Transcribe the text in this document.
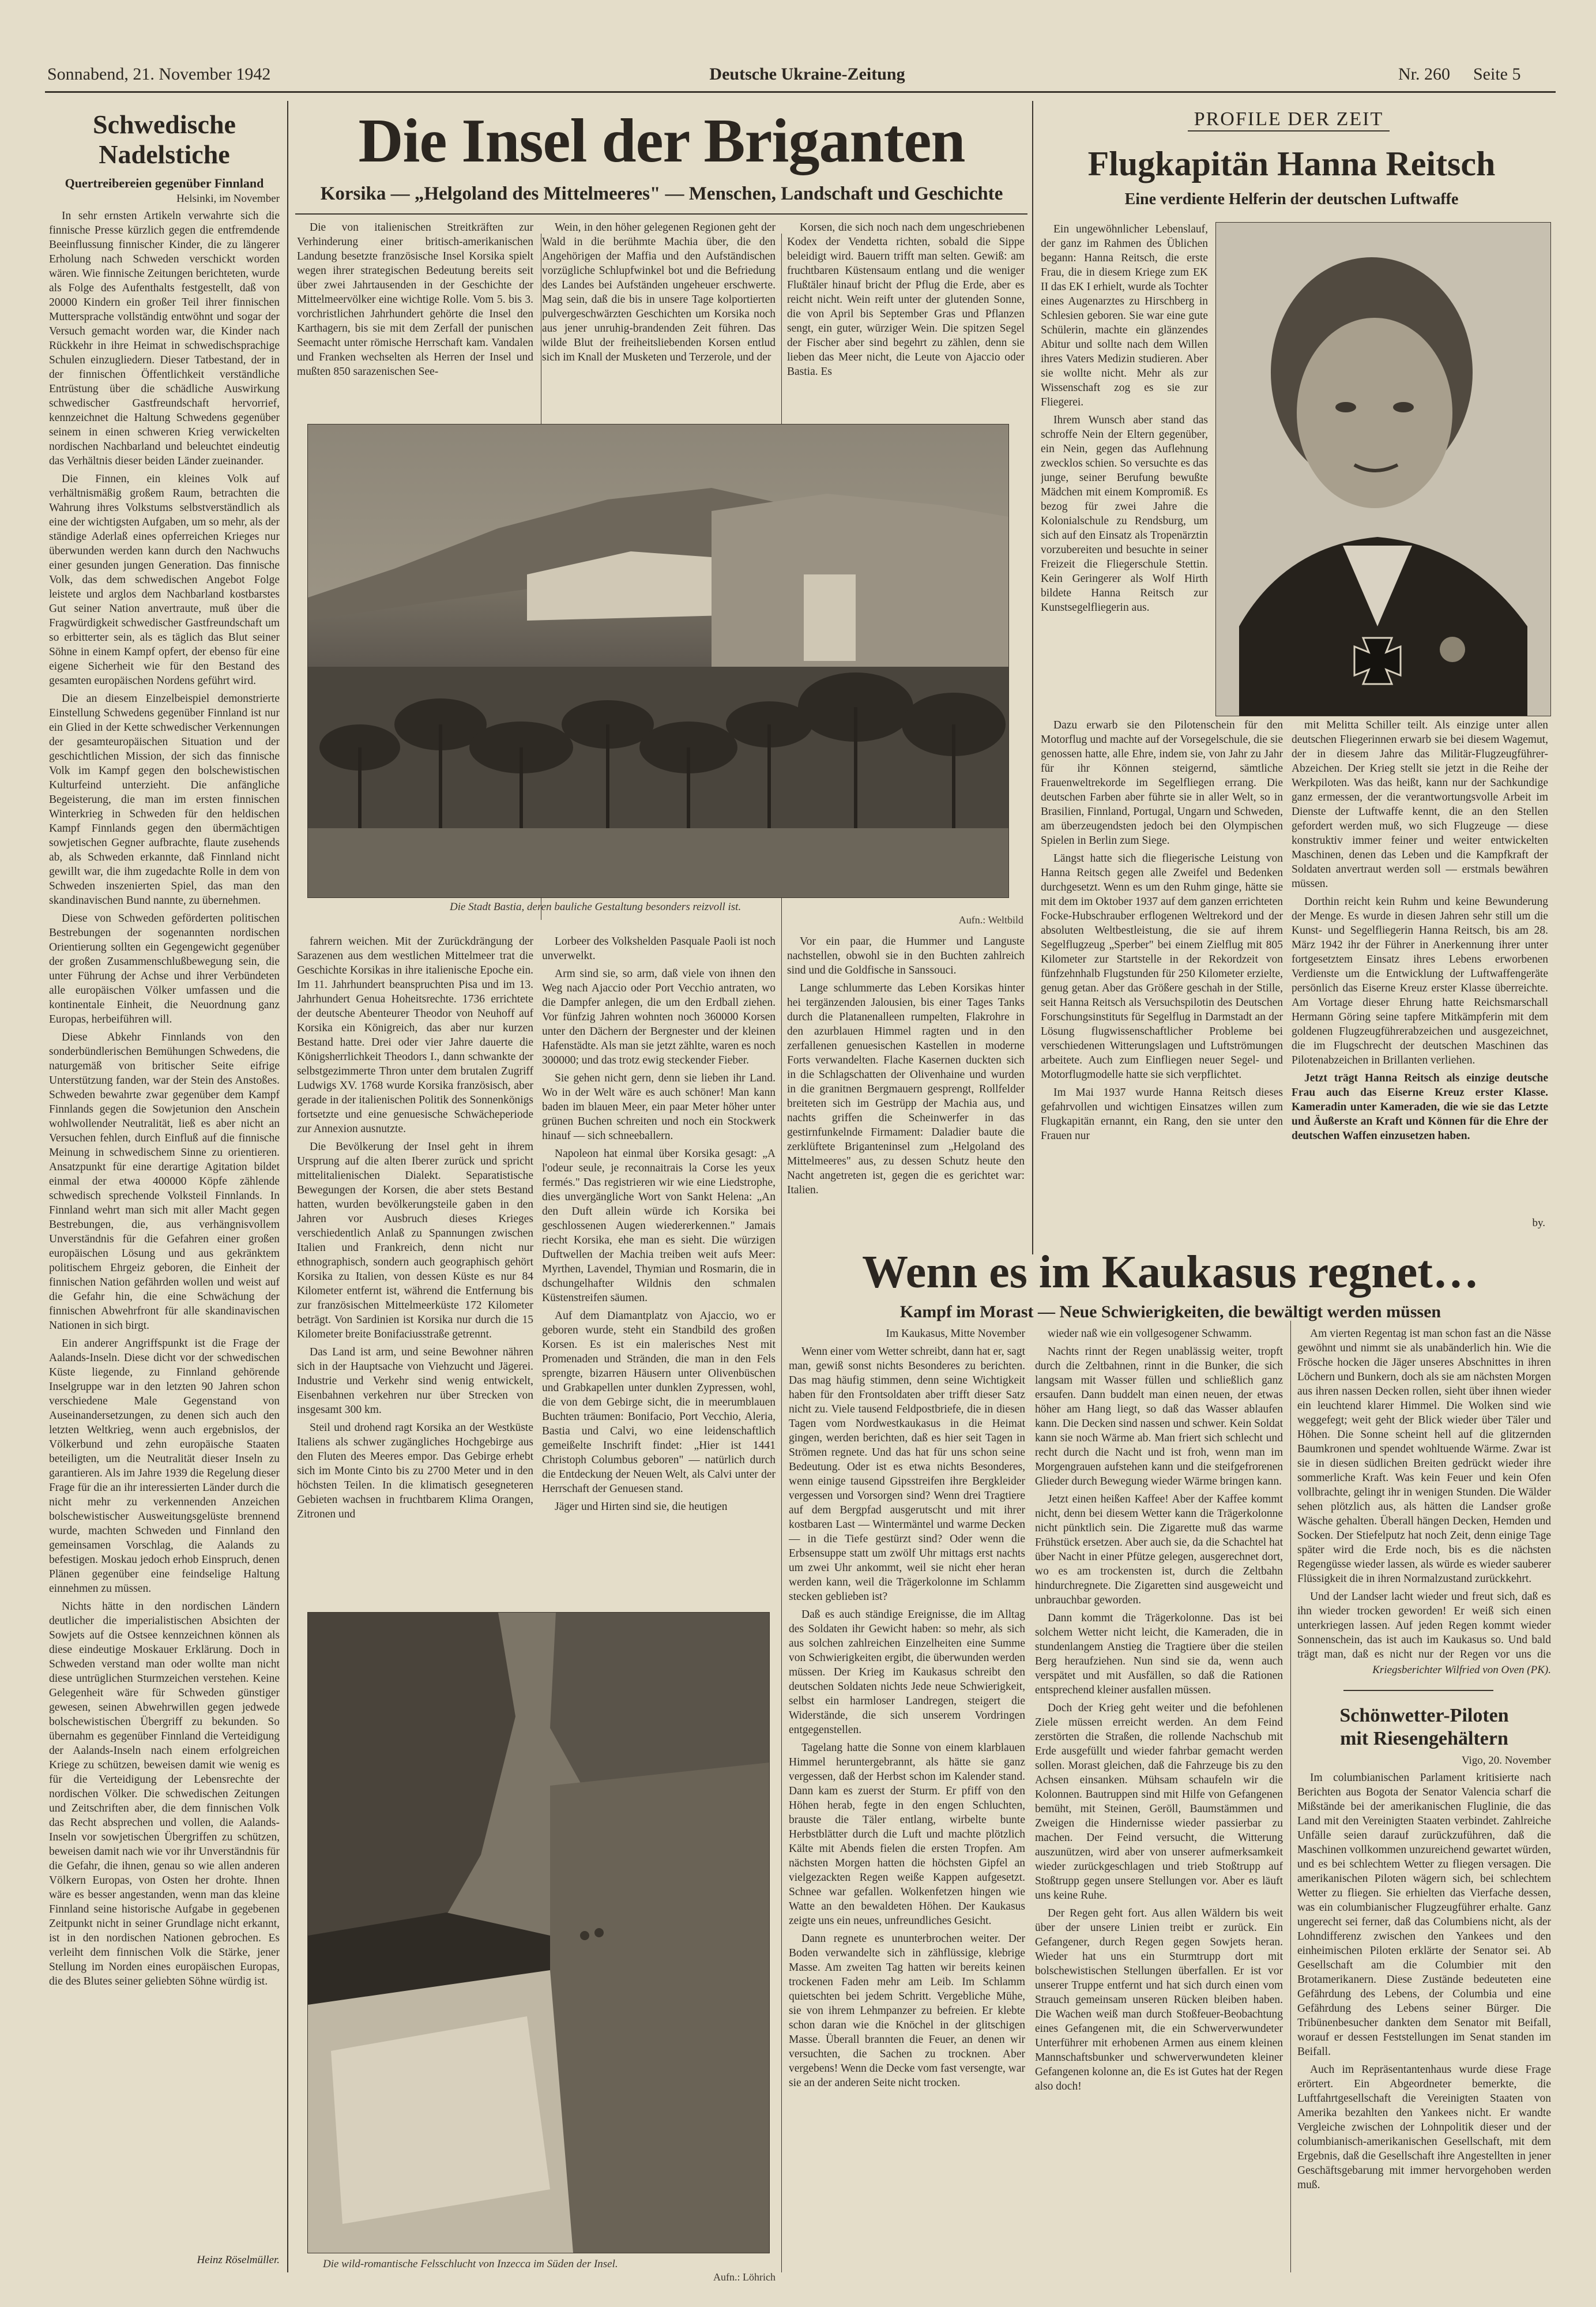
Sonnabend, 21. November 1942	Deutsche Ukraine-Zeitung	Nr. 260 Seite 5
Schwedische
Nadelstiche
Quertreibereien gegenüber Finnland
Helsinki, im November

In sehr ernsten Artikeln verwahrte sich die finnische Presse kürzlich gegen die entfremdende Beeinflussung finnischer Kinder, die zu längerer Erholung nach Schweden verschickt worden wären. Wie finnische Zeitungen berichteten, wurde als Folge des Aufenthalts festgestellt, daß von 20000 Kindern ein großer Teil ihrer finnischen Muttersprache vollständig entwöhnt und sogar der Versuch gemacht worden war, die Kinder nach Rückkehr in ihre Heimat in schwedischsprachige Schulen einzugliedern. Dieser Tatbestand, der in der finnischen Öffentlichkeit verständliche Entrüstung über die schädliche Auswirkung schwedischer Gastfreundschaft hervorrief, kennzeichnet die Haltung Schwedens gegenüber seinem in einen schweren Krieg verwickelten nordischen Nachbarland und beleuchtet eindeutig das Verhältnis dieser beiden Länder zueinander.

Die Finnen, ein kleines Volk auf verhältnismäßig großem Raum, betrachten die Wahrung ihres Volkstums selbstverständlich als eine der wichtigsten Aufgaben, um so mehr, als der ständige Aderlaß eines opferreichen Krieges nur überwunden werden kann durch den Nachwuchs einer gesunden jungen Generation. Das finnische Volk, das dem schwedischen Angebot Folge leistete und arglos dem Nachbarland kostbarstes Gut seiner Nation anvertraute, muß über die Fragwürdigkeit schwedischer Gastfreundschaft um so erbitterter sein, als es täglich das Blut seiner Söhne in einem Kampf opfert, der ebenso für eine eigene Sicherheit wie für den Bestand des gesamten europäischen Nordens geführt wird.

Die an diesem Einzelbeispiel demonstrierte Einstellung Schwedens gegenüber Finnland ist nur ein Glied in der Kette schwedischer Verkennungen der gesamteuropäischen Situation und der geschichtlichen Mission, der sich das finnische Volk im Kampf gegen den bolschewistischen Kulturfeind unterzieht. Die anfängliche Begeisterung, die man im ersten finnischen Winterkrieg in Schweden für den heldischen Kampf Finnlands gegen den übermächtigen sowjetischen Gegner aufbrachte, flaute zusehends ab, als Schweden erkannte, daß Finnland nicht gewillt war, die ihm zugedachte Rolle in dem von Schweden inszenierten Spiel, das man den skandinavischen Bund nannte, zu übernehmen.

Diese von Schweden geförderten politischen Bestrebungen der sogenannten nordischen Orientierung sollten ein Gegengewicht gegenüber der großen Zusammenschlußbewegung sein, die unter Führung der Achse und ihrer Verbündeten alle europäischen Völker umfassen und die kontinentale Einheit, die Neuordnung ganz Europas, herbeiführen will.

Diese Abkehr Finnlands von den sonderbündlerischen Bemühungen Schwedens, die naturgemäß von britischer Seite eifrige Unterstützung fanden, war der Stein des Anstoßes. Schweden bewahrte zwar gegenüber dem Kampf Finnlands gegen die Sowjetunion den Anschein wohlwollender Neutralität, ließ es aber nicht an Versuchen fehlen, durch Einfluß auf die finnische Meinung in schwedischem Sinne zu orientieren. Ansatzpunkt für eine derartige Agitation bildet einmal der etwa 400000 Köpfe zählende schwedisch sprechende Volksteil Finnlands. In Finnland wehrt man sich mit aller Macht gegen Bestrebungen, die, aus verhängnisvollem Unverständnis für die Gefahren einer großen europäischen Lösung und aus gekränktem politischem Ehrgeiz geboren, die Einheit der finnischen Nation gefährden wollen und weist auf die Gefahr hin, die eine Schwächung der finnischen Abwehrfront für alle skandinavischen Nationen in sich birgt.

Ein anderer Angriffspunkt ist die Frage der Aalands-Inseln. Diese dicht vor der schwedischen Küste liegende, zu Finnland gehörende Inselgruppe war in den letzten 90 Jahren schon verschiedene Male Gegenstand von Auseinandersetzungen, zu denen sich auch den letzten Weltkrieg, wenn auch ergebnislos, der Völkerbund und zehn europäische Staaten beteiligten, um die Neutralität dieser Inseln zu garantieren. Als im Jahre 1939 die Regelung dieser Frage für die an ihr interessierten Länder durch die nicht mehr zu verkennenden Anzeichen bolschewistischer Ausweitungsgelüste brennend wurde, machten Schweden und Finnland den gemeinsamen Vorschlag, die Aalands zu befestigen. Moskau jedoch erhob Einspruch, denen Plänen gegenüber eine feindselige Haltung einnehmen zu müssen.

Nichts hätte in den nordischen Ländern deutlicher die imperialistischen Absichten der Sowjets auf die Ostsee kennzeichnen können als diese eindeutige Moskauer Erklärung. Doch in Schweden verstand man oder wollte man nicht diese untrüglichen Sturmzeichen verstehen. Keine Gelegenheit wäre für Schweden günstiger gewesen, seinen Abwehrwillen gegen jedwede bolschewistischen Übergriff zu bekunden. So übernahm es gegenüber Finnland die Verteidigung der Aalands-Inseln nach einem erfolgreichen Kriege zu schützen, beweisen damit wie wenig es für die Verteidigung der Lebensrechte der nordischen Völker. Die schwedischen Zeitungen und Zeitschriften aber, die dem finnischen Volk das Recht absprechen und vollen, die Aalands-Inseln vor sowjetischen Übergriffen zu schützen, beweisen damit nach wie vor ihr Unverständnis für die Gefahr, die ihnen, genau so wie allen anderen Völkern Europas, von Osten her drohte. Ihnen wäre es besser angestanden, wenn man das kleine Finnland seine historische Aufgabe in gegebenen Zeitpunkt nicht in seiner Grundlage nicht erkannt, ist in den nordischen Nationen gebrochen. Es verleiht dem finnischen Volk die Stärke, jener Stellung im Norden eines europäischen Europas, die des Blutes seiner geliebten Söhne würdig ist.

Heinz Röselmüller.
Die Insel der Briganten
Korsika — „Helgoland des Mittelmeeres" — Menschen, Landschaft und Geschichte

Die von italienischen Streitkräften zur Verhinderung einer britisch-amerikanischen Landung besetzte französische Insel Korsika spielt wegen ihrer strategischen Bedeutung bereits seit über zwei Jahrtausenden in der Geschichte der Mittelmeervölker eine wichtige Rolle. Vom 5. bis 3. vorchristlichen Jahrhundert gehörte die Insel den Karthagern, bis sie mit dem Zerfall der punischen Seemacht unter römische Herrschaft kam. Vandalen und Franken wechselten als Herren der Insel und mußten 850 sarazenischen See-

Wein, in den höher gelegenen Regionen geht der Wald in die berühmte Machia über, die den Angehörigen der Maffia und den Aufständischen vorzügliche Schlupfwinkel bot und die Befriedung des Landes bei Aufständen ungeheuer erschwerte. Mag sein, daß die bis in unsere Tage kolportierten pulvergeschwärzten Geschichten um Korsika noch aus jener unruhig-brandenden Zeit führen. Das wilde Blut der freiheitsliebenden Korsen entlud sich im Knall der Musketen und Terzerole, und der

Korsen, die sich noch nach dem ungeschriebenen Kodex der Vendetta richten, sobald die Sippe beleidigt wird. Bauern trifft man selten. Gewiß: am fruchtbaren Küstensaum entlang und die weniger Flußtäler hinauf bricht der Pflug die Erde, aber es reicht nicht. Wein reift unter der glutenden Sonne, die von April bis September Gras und Pflanzen sengt, ein guter, würziger Wein. Die spitzen Segel der Fischer aber sind begehrt zu zählen, denn sie lieben das Meer nicht, die Leute von Ajaccio oder Bastia. Es

Die Stadt Bastia, deren bauliche Gestaltung besonders reizvoll ist.
Aufn.: Weltbild

fahrern weichen. Mit der Zurückdrängung der Sarazenen aus dem westlichen Mittelmeer trat die Geschichte Korsikas in ihre italienische Epoche ein. Im 11. Jahrhundert beanspruchten Pisa und im 13. Jahrhundert Genua Hoheitsrechte. 1736 errichtete der deutsche Abenteurer Theodor von Neuhoff auf Korsika ein Königreich, das aber nur kurzen Bestand hatte. Drei oder vier Jahre dauerte die Königsherrlichkeit Theodors I., dann schwankte der selbstgezimmerte Thron unter dem brutalen Zugriff Ludwigs XV. 1768 wurde Korsika französisch, aber gerade in der italienischen Politik des Sonnenkönigs fortsetzte und eine genuesische Schwächeperiode zur Annexion ausnutzte.

Die Bevölkerung der Insel geht in ihrem Ursprung auf die alten Iberer zurück und spricht mittelitalienischen Dialekt. Separatistische Bewegungen der Korsen, die aber stets Bestand hatten, wurden bevölkerungsteile gaben in den Jahren vor Ausbruch dieses Krieges verschiedentlich Anlaß zu Spannungen zwischen Italien und Frankreich, denn nicht nur ethnographisch, sondern auch geographisch gehört Korsika zu Italien, von dessen Küste es nur 84 Kilometer entfernt ist, während die Entfernung bis zur französischen Mittelmeerküste 172 Kilometer beträgt. Von Sardinien ist Korsika nur durch die 15 Kilometer breite Bonifaciusstraße getrennt.

Das Land ist arm, und seine Bewohner nähren sich in der Hauptsache von Viehzucht und Jägerei. Industrie und Verkehr sind wenig entwickelt, Eisenbahnen verkehren nur über Strecken von insgesamt 300 km.

Steil und drohend ragt Korsika an der Westküste Italiens als schwer zugängliches Hochgebirge aus den Fluten des Meeres empor. Das Gebirge erhebt sich im Monte Cinto bis zu 2700 Meter und in den höchsten Teilen. In die klimatisch gesegneteren Gebieten wachsen in fruchtbarem Klima Orangen, Zitronen und

Lorbeer des Volkshelden Pasquale Paoli ist noch unverwelkt.

Arm sind sie, so arm, daß viele von ihnen den Weg nach Ajaccio oder Port Vecchio antraten, wo die Dampfer anlegen, die um den Erdball ziehen. Vor fünfzig Jahren wohnten noch 360000 Korsen unter den Dächern der Bergnester und der kleinen Hafenstädte. Als man sie jetzt zählte, waren es noch 300000; und das trotz ewig steckender Fieber.

Sie gehen nicht gern, denn sie lieben ihr Land. Wo in der Welt wäre es auch schöner! Man kann baden im blauen Meer, ein paar Meter höher unter grünen Buchen schreiten und noch ein Stockwerk hinauf — sich schneeballern.

Napoleon hat einmal über Korsika gesagt: „A l'odeur seule, je reconnaitrais la Corse les yeux fermés." Das registrieren wir wie eine Liedstrophe, dies unvergängliche Wort von Sankt Helena: „An den Duft allein würde ich Korsika bei geschlossenen Augen wiedererkennen." Jamais riecht Korsika, ehe man es sieht. Die würzigen Duftwellen der Machia treiben weit aufs Meer: Myrthen, Lavendel, Thymian und Rosmarin, die in dschungelhafter Wildnis den schmalen Küstenstreifen säumen.

Auf dem Diamantplatz von Ajaccio, wo er geboren wurde, steht ein Standbild des großen Korsen. Es ist ein malerisches Nest mit Promenaden und Stränden, die man in den Fels sprengte, bizarren Häusern unter Olivenbüschen und Grabkapellen unter dunklen Zypressen, wohl, die von dem Gebirge sicht, die in meerumblauen Buchten träumen: Bonifacio, Port Vecchio, Aleria, Bastia und Calvi, wo eine leidenschaftlich gemeißelte Inschrift findet: „Hier ist 1441 Christoph Columbus geboren" — natürlich durch die Entdeckung der Neuen Welt, als Calvi unter der Herrschaft der Genuesen stand.

Jäger und Hirten sind sie, die heutigen

Vor ein paar, die Hummer und Languste nachstellen, obwohl sie in den Buchten zahlreich sind und die Goldfische in Sanssouci.

Lange schlummerte das Leben Korsikas hinter hei tergänzenden Jalousien, bis einer Tages Tanks durch die Platanenalleen rumpelten, Flakrohre in den azurblauen Himmel ragten und in den zerfallenen genuesischen Kastellen in moderne Forts verwandelten. Flache Kasernen duckten sich in die Schlagschatten der Olivenhaine und wurden in die granitnen Bergmauern gesprengt, Rollfelder breiteten sich im Gestrüpp der Machia aus, und nachts griffen die Scheinwerfer in das gestirnfunkelnde Firmament: Daladier baute die zerklüftete Briganteninsel zum „Helgoland des Mittelmeeres" aus, zu dessen Schutz heute den Nacht angetreten ist, gegen die es gerichtet war: Italien.

Die wild-romantische Felsschlucht von Inzecca im Süden der Insel.
Aufn.: Löhrich
PROFILE DER ZEIT
Flugkapitän Hanna Reitsch
Eine verdiente Helferin der deutschen Luftwaffe

Ein ungewöhnlicher Lebenslauf, der ganz im Rahmen des Üblichen begann: Hanna Reitsch, die erste Frau, die in diesem Kriege zum EK II das EK I erhielt, wurde als Tochter eines Augenarztes zu Hirschberg in Schlesien geboren. Sie war eine gute Schülerin, machte ein glänzendes Abitur und sollte nach dem Willen ihres Vaters Medizin studieren. Aber sie wollte nicht. Mehr als zur Wissenschaft zog es sie zur Fliegerei.

Ihrem Wunsch aber stand das schroffe Nein der Eltern gegenüber, ein Nein, gegen das Auflehnung zwecklos schien. So versuchte es das junge, seiner Berufung bewußte Mädchen mit einem Kompromiß. Es bezog für zwei Jahre die Kolonialschule zu Rendsburg, um sich auf den Einsatz als Tropenärztin vorzubereiten und besuchte in seiner Freizeit die Fliegerschule Stettin. Kein Geringerer als Wolf Hirth bildete Hanna Reitsch zur Kunstsegelfliegerin aus.

Dazu erwarb sie den Pilotenschein für den Motorflug und machte auf der Vorsegelschule, die sie genossen hatte, alle Ehre, indem sie, von Jahr zu Jahr für ihr Können steigernd, sämtliche Frauenweltrekorde im Segelfliegen errang. Die deutschen Farben aber führte sie in aller Welt, so in Brasilien, Finnland, Portugal, Ungarn und Schweden, am überzeugendsten jedoch bei den Olympischen Spielen in Berlin zum Siege.

Längst hatte sich die fliegerische Leistung von Hanna Reitsch gegen alle Zweifel und Bedenken durchgesetzt. Wenn es um den Ruhm ginge, hätte sie mit dem im Oktober 1937 auf dem ganzen errichteten Focke-Hubschrauber erflogenen Weltrekord und der absoluten Weltbestleistung, die sie auf ihrem Segelflugzeug „Sperber" bei einem Zielflug mit 805 Kilometer zur Startstelle in der Rekordzeit von fünfzehnhalb Flugstunden für 250 Kilometer erzielte, genug getan. Aber das Größere geschah in der Stille, seit Hanna Reitsch als Versuchspilotin des Deutschen Forschungsinstituts für Segelflug in Darmstadt an der Lösung flugwissenschaftlicher Probleme bei verschiedenen Witterungslagen und Luftströmungen arbeitete. Auch zum Einfliegen neuer Segel- und Motorflugmodelle hatte sie sich verpflichtet.

Im Mai 1937 wurde Hanna Reitsch dieses gefahrvollen und wichtigen Einsatzes willen zum Flugkapitän ernannt, ein Rang, den sie unter den Frauen nur

mit Melitta Schiller teilt. Als einzige unter allen deutschen Fliegerinnen erwarb sie bei diesem Wagemut, der in diesem Jahre das Militär-Flugzeugführer-Abzeichen. Der Krieg stellt sie jetzt in die Reihe der Werkpiloten. Was das heißt, kann nur der Sachkundige ganz ermessen, der die verantwortungsvolle Arbeit im Dienste der Luftwaffe kennt, die an den Stellen gefordert werden muß, wo sich Flugzeuge — diese konstruktiv immer feiner und weiter entwickelten Maschinen, denen das Leben und die Kampfkraft der Soldaten anvertraut werden soll — erstmals bewähren müssen.

Dorthin reicht kein Ruhm und keine Bewunderung der Menge. Es wurde in diesen Jahren sehr still um die Kunst- und Segelfliegerin Hanna Reitsch, bis am 28. März 1942 ihr der Führer in Anerkennung ihrer unter fortgesetztem Einsatz ihres Lebens erworbenen Verdienste um die Entwicklung der Luftwaffengeräte persönlich das Eiserne Kreuz erster Klasse überreichte. Am Vortage dieser Ehrung hatte Reichsmarschall Hermann Göring seine tapfere Mitkämpferin mit dem goldenen Flugzeugführerabzeichen und ausgezeichnet, die im Flugschrecht der deutschen Maschinen das Pilotenabzeichen in Brillanten verliehen.

Jetzt trägt Hanna Reitsch als einzige deutsche Frau auch das Eiserne Kreuz erster Klasse. Kameradin unter Kameraden, die wie sie das Letzte und Äußerste an Kraft und Können für die Ehre der deutschen Waffen einzusetzen haben.

by.
Wenn es im Kaukasus regnet…
Kampf im Morast — Neue Schwierigkeiten, die bewältigt werden müssen

Im Kaukasus, Mitte November

Wenn einer vom Wetter schreibt, dann hat er, sagt man, gewiß sonst nichts Besonderes zu berichten. Das mag häufig stimmen, denn seine Wichtigkeit haben für den Frontsoldaten aber trifft dieser Satz nicht zu. Viele tausend Feldpostbriefe, die in diesen Tagen vom Nordwestkaukasus in die Heimat gingen, werden berichten, daß es hier seit Tagen in Strömen regnete. Und das hat für uns schon seine Bedeutung. Oder ist es etwa nichts Besonderes, wenn einige tausend Gipsstreifen ihre Bergkleider vergessen und Vorsorgen sind? Wenn drei Tragtiere auf dem Bergpfad ausgerutscht und mit ihrer kostbaren Last — Wintermäntel und warme Decken — in die Tiefe gestürzt sind? Oder wenn die Erbsensuppe statt um zwölf Uhr mittags erst nachts um zwei Uhr ankommt, weil sie nicht eher heran werden kann, weil die Trägerkolonne im Schlamm stecken geblieben ist?

Daß es auch ständige Ereignisse, die im Alltag des Soldaten ihr Gewicht haben: so mehr, als sich aus solchen zahlreichen Einzelheiten eine Summe von Schwierigkeiten ergibt, die überwunden werden müssen. Der Krieg im Kaukasus schreibt den deutschen Soldaten nichts Jede neue Schwierigkeit, selbst ein harmloser Landregen, steigert die Widerstände, die sich unserem Vordringen entgegenstellen.

Tagelang hatte die Sonne von einem klarblauen Himmel heruntergebrannt, als hätte sie ganz vergessen, daß der Herbst schon im Kalender stand. Dann kam es zuerst der Sturm. Er pfiff von den Höhen herab, fegte in den engen Schluchten, brauste die Täler entlang, wirbelte bunte Herbstblätter durch die Luft und machte plötzlich Kälte mit Abends fielen die ersten Tropfen. Am nächsten Morgen hatten die höchsten Gipfel an vielgezackten Regen weiße Kappen aufgesetzt. Schnee war gefallen. Wolkenfetzen hingen wie Watte an den bewaldeten Höhen. Der Kaukasus zeigte uns ein neues, unfreundliches Gesicht.

Dann regnete es ununterbrochen weiter. Der Boden verwandelte sich in zähflüssige, klebrige Masse. Am zweiten Tag hatten wir bereits keinen trockenen Faden mehr am Leib. Im Schlamm quietschten bei jedem Schritt. Vergebliche Mühe, sie von ihrem Lehmpanzer zu befreien. Er klebte schon daran wie die Knöchel in der glitschigen Masse. Überall brannten die Feuer, an denen wir versuchten, die Sachen zu trocknen. Aber vergebens! Wenn die Decke vom fast versengte, war sie an der anderen Seite nicht trocken.

wieder naß wie ein vollgesogener Schwamm.

Nachts rinnt der Regen unablässig weiter, tropft durch die Zeltbahnen, rinnt in die Bunker, die sich langsam mit Wasser füllen und schließlich ganz ersaufen. Dann buddelt man einen neuen, der etwas höher am Hang liegt, so daß das Wasser ablaufen kann. Die Decken sind nassen und schwer. Kein Soldat kann sie noch Wärme ab. Man friert sich schlecht und recht durch die Nacht und ist froh, wenn man im Morgengrauen aufstehen kann und die steifgefrorenen Glieder durch Bewegung wieder Wärme bringen kann.

Jetzt einen heißen Kaffee! Aber der Kaffee kommt nicht, denn bei diesem Wetter kann die Trägerkolonne nicht pünktlich sein. Die Zigarette muß das warme Frühstück ersetzen. Aber auch sie, da die Schachtel hat über Nacht in einer Pfütze gelegen, ausgerechnet dort, wo es am trockensten ist, durch die Zeltbahn hindurchregnete. Die Zigaretten sind ausgeweicht und unbrauchbar geworden.

Dann kommt die Trägerkolonne. Das ist bei solchem Wetter nicht leicht, die Kameraden, die in stundenlangem Anstieg die Tragtiere über die steilen Berg heraufziehen. Nun sind sie da, wenn auch verspätet und mit Ausfällen, so daß die Rationen entsprechend kleiner ausfallen müssen.

Doch der Krieg geht weiter und die befohlenen Ziele müssen erreicht werden. An dem Feind zerstörten die Straßen, die rollende Nachschub mit Erde ausgefüllt und wieder fahrbar gemacht werden sollen. Morast gleichen, daß die Fahrzeuge bis zu den Achsen einsanken. Mühsam schaufeln wir die Kolonnen. Bautruppen sind mit Hilfe von Gefangenen bemüht, mit Steinen, Geröll, Baumstämmen und Zweigen die Hindernisse wieder passierbar zu machen. Der Feind versucht, die Witterung auszunützen, wird aber von unserer aufmerksamkeit wieder zurückgeschlagen und trieb Stoßtrupp auf Stoßtrupp gegen unsere Stellungen vor. Aber es läuft uns keine Ruhe.

Der Regen geht fort. Aus allen Wäldern bis weit über der unsere Linien treibt er zurück. Ein Gefangener, durch Regen gegen Sowjets heran. Wieder hat uns ein Sturmtrupp dort mit bolschewistischen Stellungen überfallen. Er ist vor unserer Truppe entfernt und hat sich durch einen vom Strauch gemeinsam unseren Rücken bleiben haben. Die Wachen weiß man durch Stoßfeuer-Beobachtung eines Gefangenen mit, die ein Schwerverwundeter Unterführer mit erhobenen Armen aus einem kleinen Mannschaftsbunker und schwerverwundeten kleiner Gefangenen kolonne an, die Es ist Gutes hat der Regen also doch!

Am vierten Regentag ist man schon fast an die Nässe gewöhnt und nimmt sie als unabänderlich hin. Wie die Frösche hocken die Jäger unseres Abschnittes in ihren Löchern und Bunkern, doch als sie am nächsten Morgen aus ihren nassen Decken rollen, sieht über ihnen wieder ein leuchtend klarer Himmel. Die Wolken sind wie weggefegt; weit geht der Blick wieder über Täler und Höhen. Die Sonne scheint hell auf die glitzernden Baumkronen und spendet wohltuende Wärme. Zwar ist sie in diesen südlichen Breiten gedrückt wieder ihre sommerliche Kraft. Was kein Feuer und kein Ofen vollbrachte, gelingt ihr in wenigen Stunden. Die Wälder sehen plötzlich aus, als hätten die Landser große Wäsche gehalten. Überall hängen Decken, Hemden und Socken. Der Stiefelputz hat noch Zeit, denn einige Tage später wird die Erde noch, bis es die nächsten Regengüsse wieder lassen, als würde es wieder sauberer Flüssigkeit die in ihren Normalzustand zurückkehrt.

Und der Landser lacht wieder und freut sich, daß es ihn wieder trocken geworden! Er weiß sich einen unterkriegen lassen. Auf jeden Regen kommt wieder Sonnenschein, das ist auch im Kaukasus so. Und bald trägt man, daß es nicht nur der Regen vor uns die

Kriegsberichter Wilfried von Oven (PK).
Schönwetter-Piloten
mit Riesengehältern
Vigo, 20. November

Im columbianischen Parlament kritisierte nach Berichten aus Bogota der Senator Valencia scharf die Mißstände bei der amerikanischen Fluglinie, die das Land mit den Vereinigten Staaten verbindet. Zahlreiche Unfälle seien darauf zurückzuführen, daß die Maschinen vollkommen unzureichend gewartet würden, und es bei schlechtem Wetter zu fliegen versagen. Die amerikanischen Piloten wägern sich, bei schlechtem Wetter zu fliegen. Sie erhielten das Vierfache dessen, was ein columbianischer Flugzeugführer erhalte. Ganz ungerecht sei ferner, daß das Columbiens nicht, als der Lohndifferenz zwischen den Yankees und den einheimischen Piloten erklärte der Senator sei. Ab Gesellschaft am die Columbier mit den Brotamerikanern. Diese Zustände bedeuteten eine Gefährdung des Lebens, der Columbia und eine Gefährdung des Lebens seiner Bürger. Die Tribünenbesucher dankten dem Senator mit Beifall, worauf er dessen Feststellungen im Senat standen im Beifall.

Auch im Repräsentantenhaus wurde diese Frage erörtert. Ein Abgeordneter bemerkte, die Luftfahrtgesellschaft die Vereinigten Staaten von Amerika bezahlten den Yankees nicht. Er wandte Vergleiche zwischen der Lohnpolitik dieser und der columbianisch-amerikanischen Gesellschaft, mit dem Ergebnis, daß die Gesellschaft ihre Angestellten in jener Geschäftsgebarung mit immer hervorgehoben werden muß.
